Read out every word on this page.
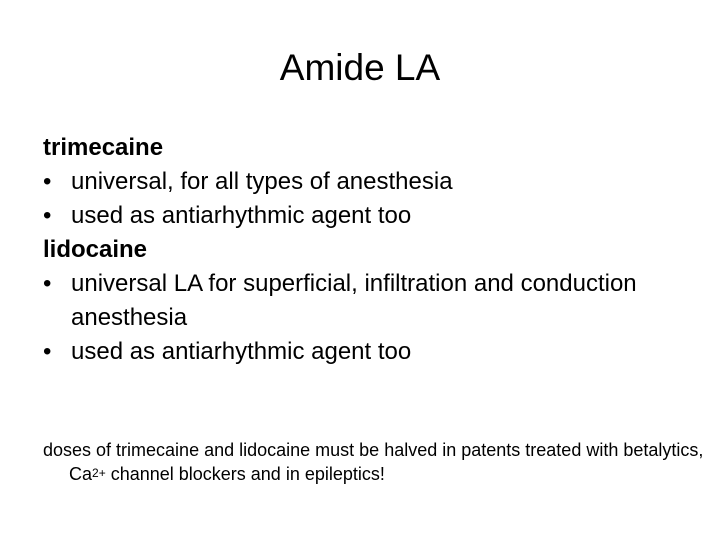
Amide LA

trimecaine

• universal, for all types of anesthesia

• used as antiarhythmic agent too

lidocaine

• universal LA for superficial, infiltration and conduction anesthesia

• used as antiarhythmic agent too

doses of trimecaine and lidocaine must be halved in patents treated with betalytics, $Ca^{2+}$ channel blockers and in epileptics!
